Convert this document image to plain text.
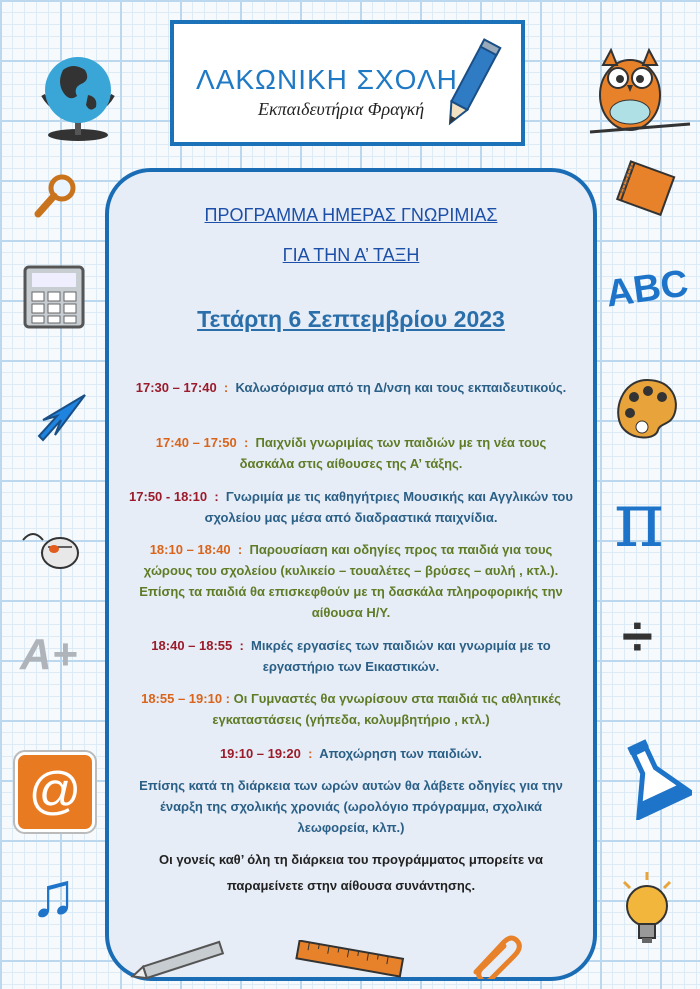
ΛΑΚΩΝΙΚΗ ΣΧΟΛΗ
Εκπαιδευτήρια Φραγκή
ΠΡΟΓΡΑΜΜΑ ΗΜΕΡΑΣ ΓΝΩΡΙΜΙΑΣ
ΓΙΑ ΤΗΝ Α’ ΤΑΞΗ
Τετάρτη 6 Σεπτεμβρίου 2023
17:30 – 17:40  :  Καλωσόρισμα από τη Δ/νση και τους εκπαιδευτικούς.
17:40 – 17:50  :  Παιχνίδι γνωριμίας των παιδιών με τη νέα τους δασκάλα στις αίθουσες της Α’ τάξης.
17:50 - 18:10  :  Γνωριμία με τις καθηγήτριες Μουσικής και Αγγλικών του σχολείου μας μέσα από διαδραστικά παιχνίδια.
18:10 – 18:40  :  Παρουσίαση και οδηγίες προς τα παιδιά για τους χώρους του σχολείου (κυλικείο – τουαλέτες – βρύσες – αυλή , κτλ.). Επίσης τα παιδιά θα επισκεφθούν με τη δασκάλα πληροφορικής την αίθουσα Η/Υ.
18:40 – 18:55  :  Μικρές εργασίες των παιδιών και γνωριμία με το εργαστήριο των Εικαστικών.
18:55 – 19:10 : Οι Γυμναστές θα γνωρίσουν στα παιδιά τις αθλητικές εγκαταστάσεις (γήπεδα, κολυμβητήριο , κτλ.)
19:10 – 19:20  :  Αποχώρηση των παιδιών.
Επίσης κατά τη διάρκεια των ωρών αυτών θα λάβετε οδηγίες για την έναρξη της σχολικής χρονιάς (ωρολόγιο πρόγραμμα, σχολικά λεωφορεία, κλπ.)
Οι γονείς καθ’ όλη τη διάρκεια του προγράμματος μπορείτε να παραμείνετε στην αίθουσα συνάντησης.
A+
@
♫
ABC
π
÷
